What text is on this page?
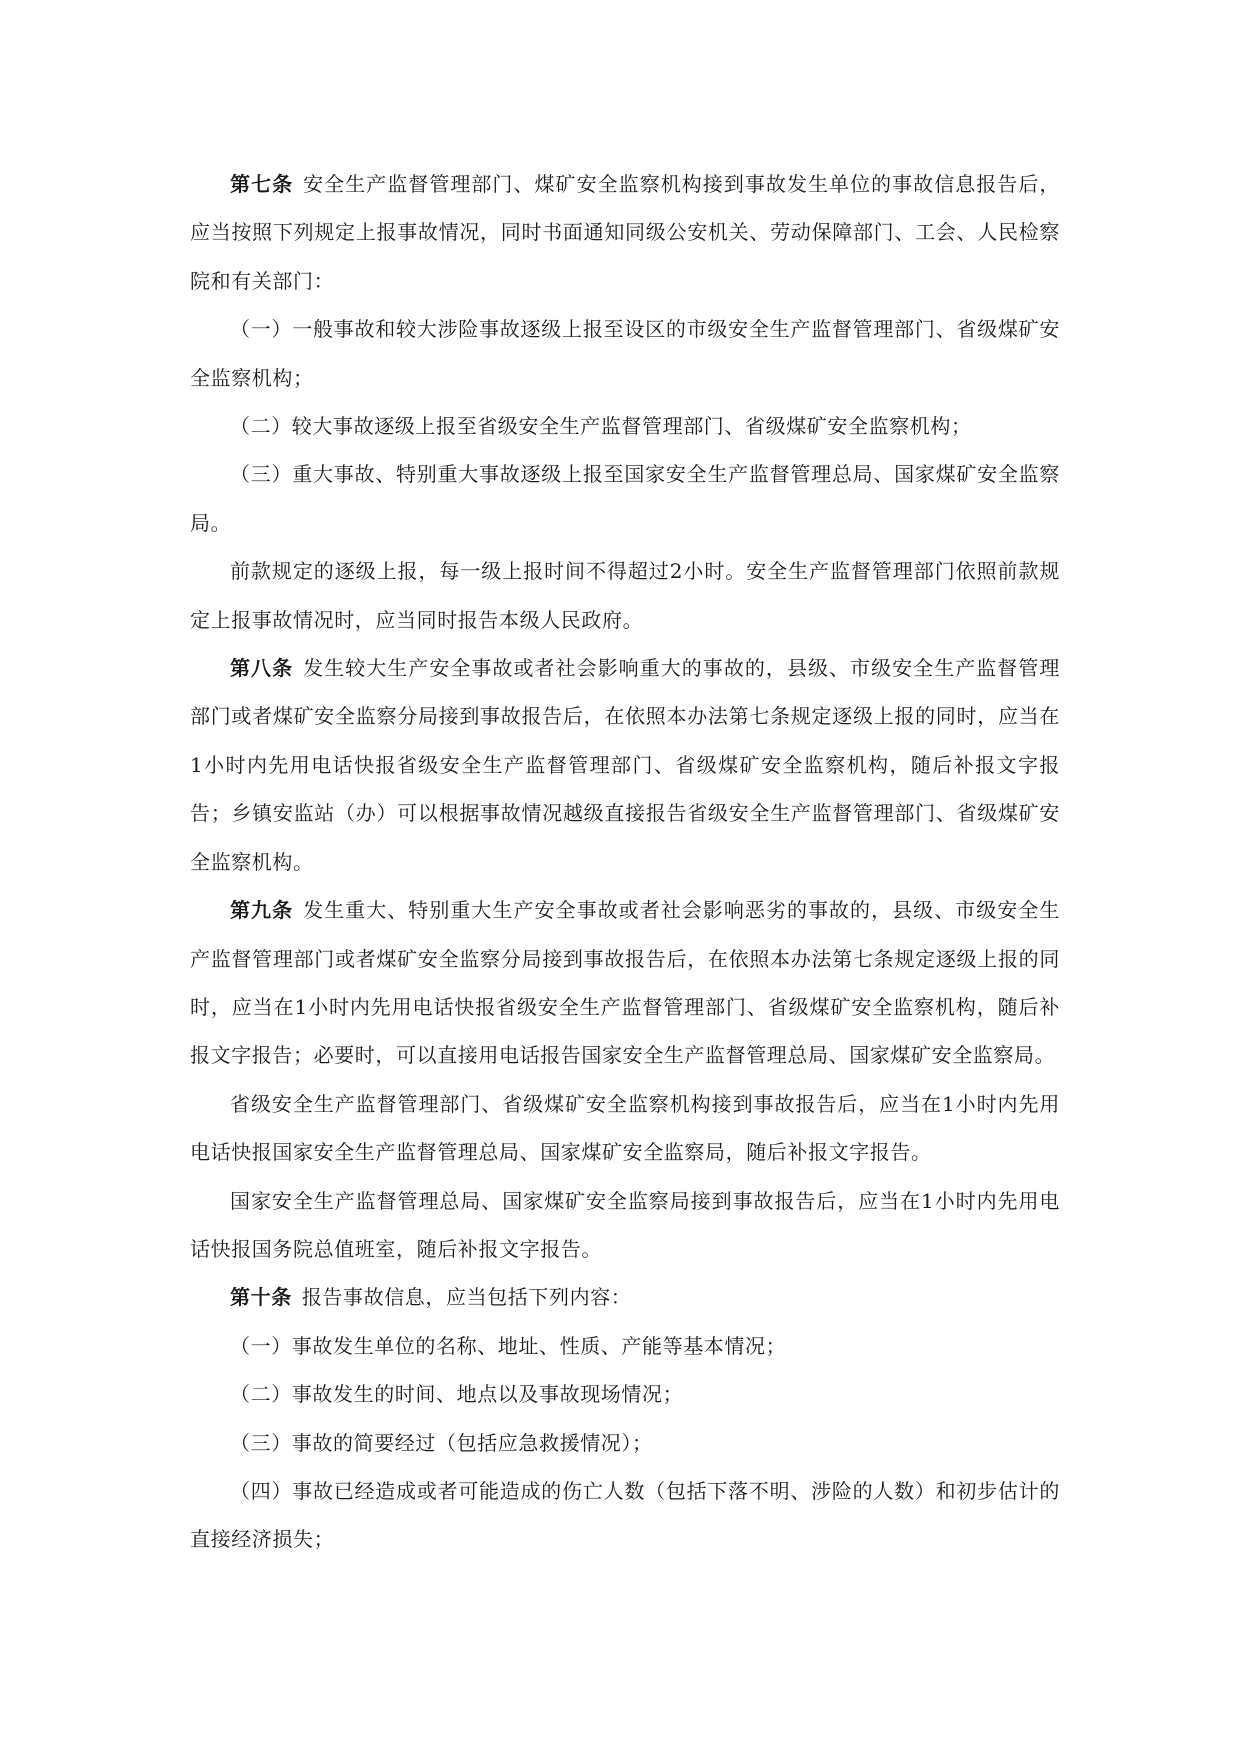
第七条 安全生产监督管理部门、煤矿安全监察机构接到事故发生单位的事故信息报告后，应当按照下列规定上报事故情况，同时书面通知同级公安机关、劳动保障部门、工会、人民检察院和有关部门：

（一）一般事故和较大涉险事故逐级上报至设区的市级安全生产监督管理部门、省级煤矿安全监察机构；

（二）较大事故逐级上报至省级安全生产监督管理部门、省级煤矿安全监察机构；

（三）重大事故、特别重大事故逐级上报至国家安全生产监督管理总局、国家煤矿安全监察局。

前款规定的逐级上报，每一级上报时间不得超过2小时。安全生产监督管理部门依照前款规定上报事故情况时，应当同时报告本级人民政府。

第八条 发生较大生产安全事故或者社会影响重大的事故的，县级、市级安全生产监督管理部门或者煤矿安全监察分局接到事故报告后，在依照本办法第七条规定逐级上报的同时，应当在1小时内先用电话快报省级安全生产监督管理部门、省级煤矿安全监察机构，随后补报文字报告；乡镇安监站（办）可以根据事故情况越级直接报告省级安全生产监督管理部门、省级煤矿安全监察机构。

第九条 发生重大、特别重大生产安全事故或者社会影响恶劣的事故的，县级、市级安全生产监督管理部门或者煤矿安全监察分局接到事故报告后，在依照本办法第七条规定逐级上报的同时，应当在1小时内先用电话快报省级安全生产监督管理部门、省级煤矿安全监察机构，随后补报文字报告；必要时，可以直接用电话报告国家安全生产监督管理总局、国家煤矿安全监察局。

省级安全生产监督管理部门、省级煤矿安全监察机构接到事故报告后，应当在1小时内先用电话快报国家安全生产监督管理总局、国家煤矿安全监察局，随后补报文字报告。

国家安全生产监督管理总局、国家煤矿安全监察局接到事故报告后，应当在1小时内先用电话快报国务院总值班室，随后补报文字报告。

第十条 报告事故信息，应当包括下列内容：

（一）事故发生单位的名称、地址、性质、产能等基本情况；

（二）事故发生的时间、地点以及事故现场情况；

（三）事故的简要经过（包括应急救援情况）；

（四）事故已经造成或者可能造成的伤亡人数（包括下落不明、涉险的人数）和初步估计的直接经济损失；
